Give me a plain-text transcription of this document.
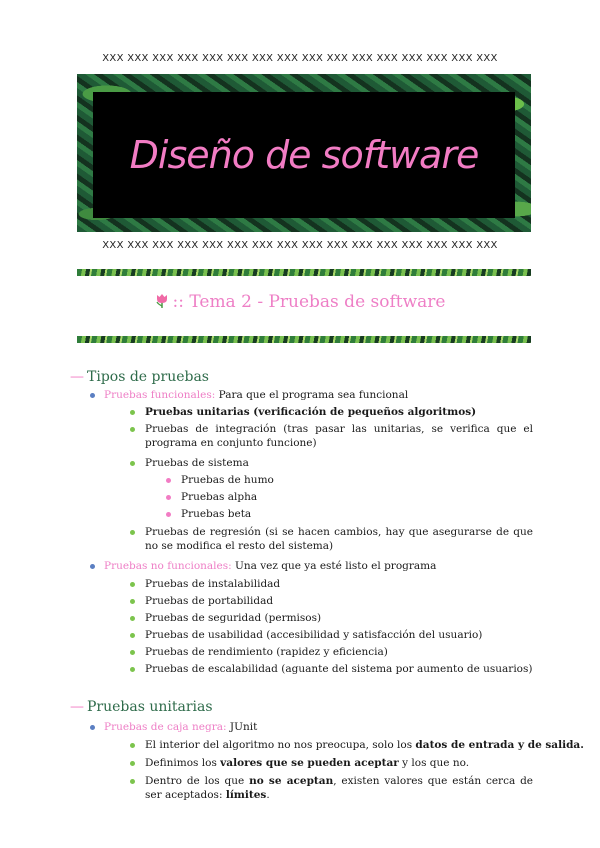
XXX XXX XXX XXX XXX XXX XXX XXX XXX XXX XXX XXX XXX XXX XXX XXX
Diseño de software
XXX XXX XXX XXX XXX XXX XXX XXX XXX XXX XXX XXX XXX XXX XXX XXX
:: Tema 2 - Pruebas de software
— Tipos de pruebas
Pruebas funcionales: Para que el programa sea funcional
Pruebas unitarias (verificación de pequeños algoritmos)
Pruebas de integración (tras pasar las unitarias, se verifica que el programa en conjunto funcione)
Pruebas de sistema
Pruebas de humo
Pruebas alpha
Pruebas beta
Pruebas de regresión (si se hacen cambios, hay que asegurarse de que no se modifica el resto del sistema)
Pruebas no funcionales: Una vez que ya esté listo el programa
Pruebas de instalabilidad
Pruebas de portabilidad
Pruebas de seguridad (permisos)
Pruebas de usabilidad (accesibilidad y satisfacción del usuario)
Pruebas de rendimiento (rapidez y eficiencia)
Pruebas de escalabilidad (aguante del sistema por aumento de usuarios)
— Pruebas unitarias
Pruebas de caja negra: JUnit
El interior del algoritmo no nos preocupa, solo los datos de entrada y de salida.
Definimos los valores que se pueden aceptar y los que no.
Dentro de los que no se aceptan, existen valores que están cerca de ser aceptados: límites.
